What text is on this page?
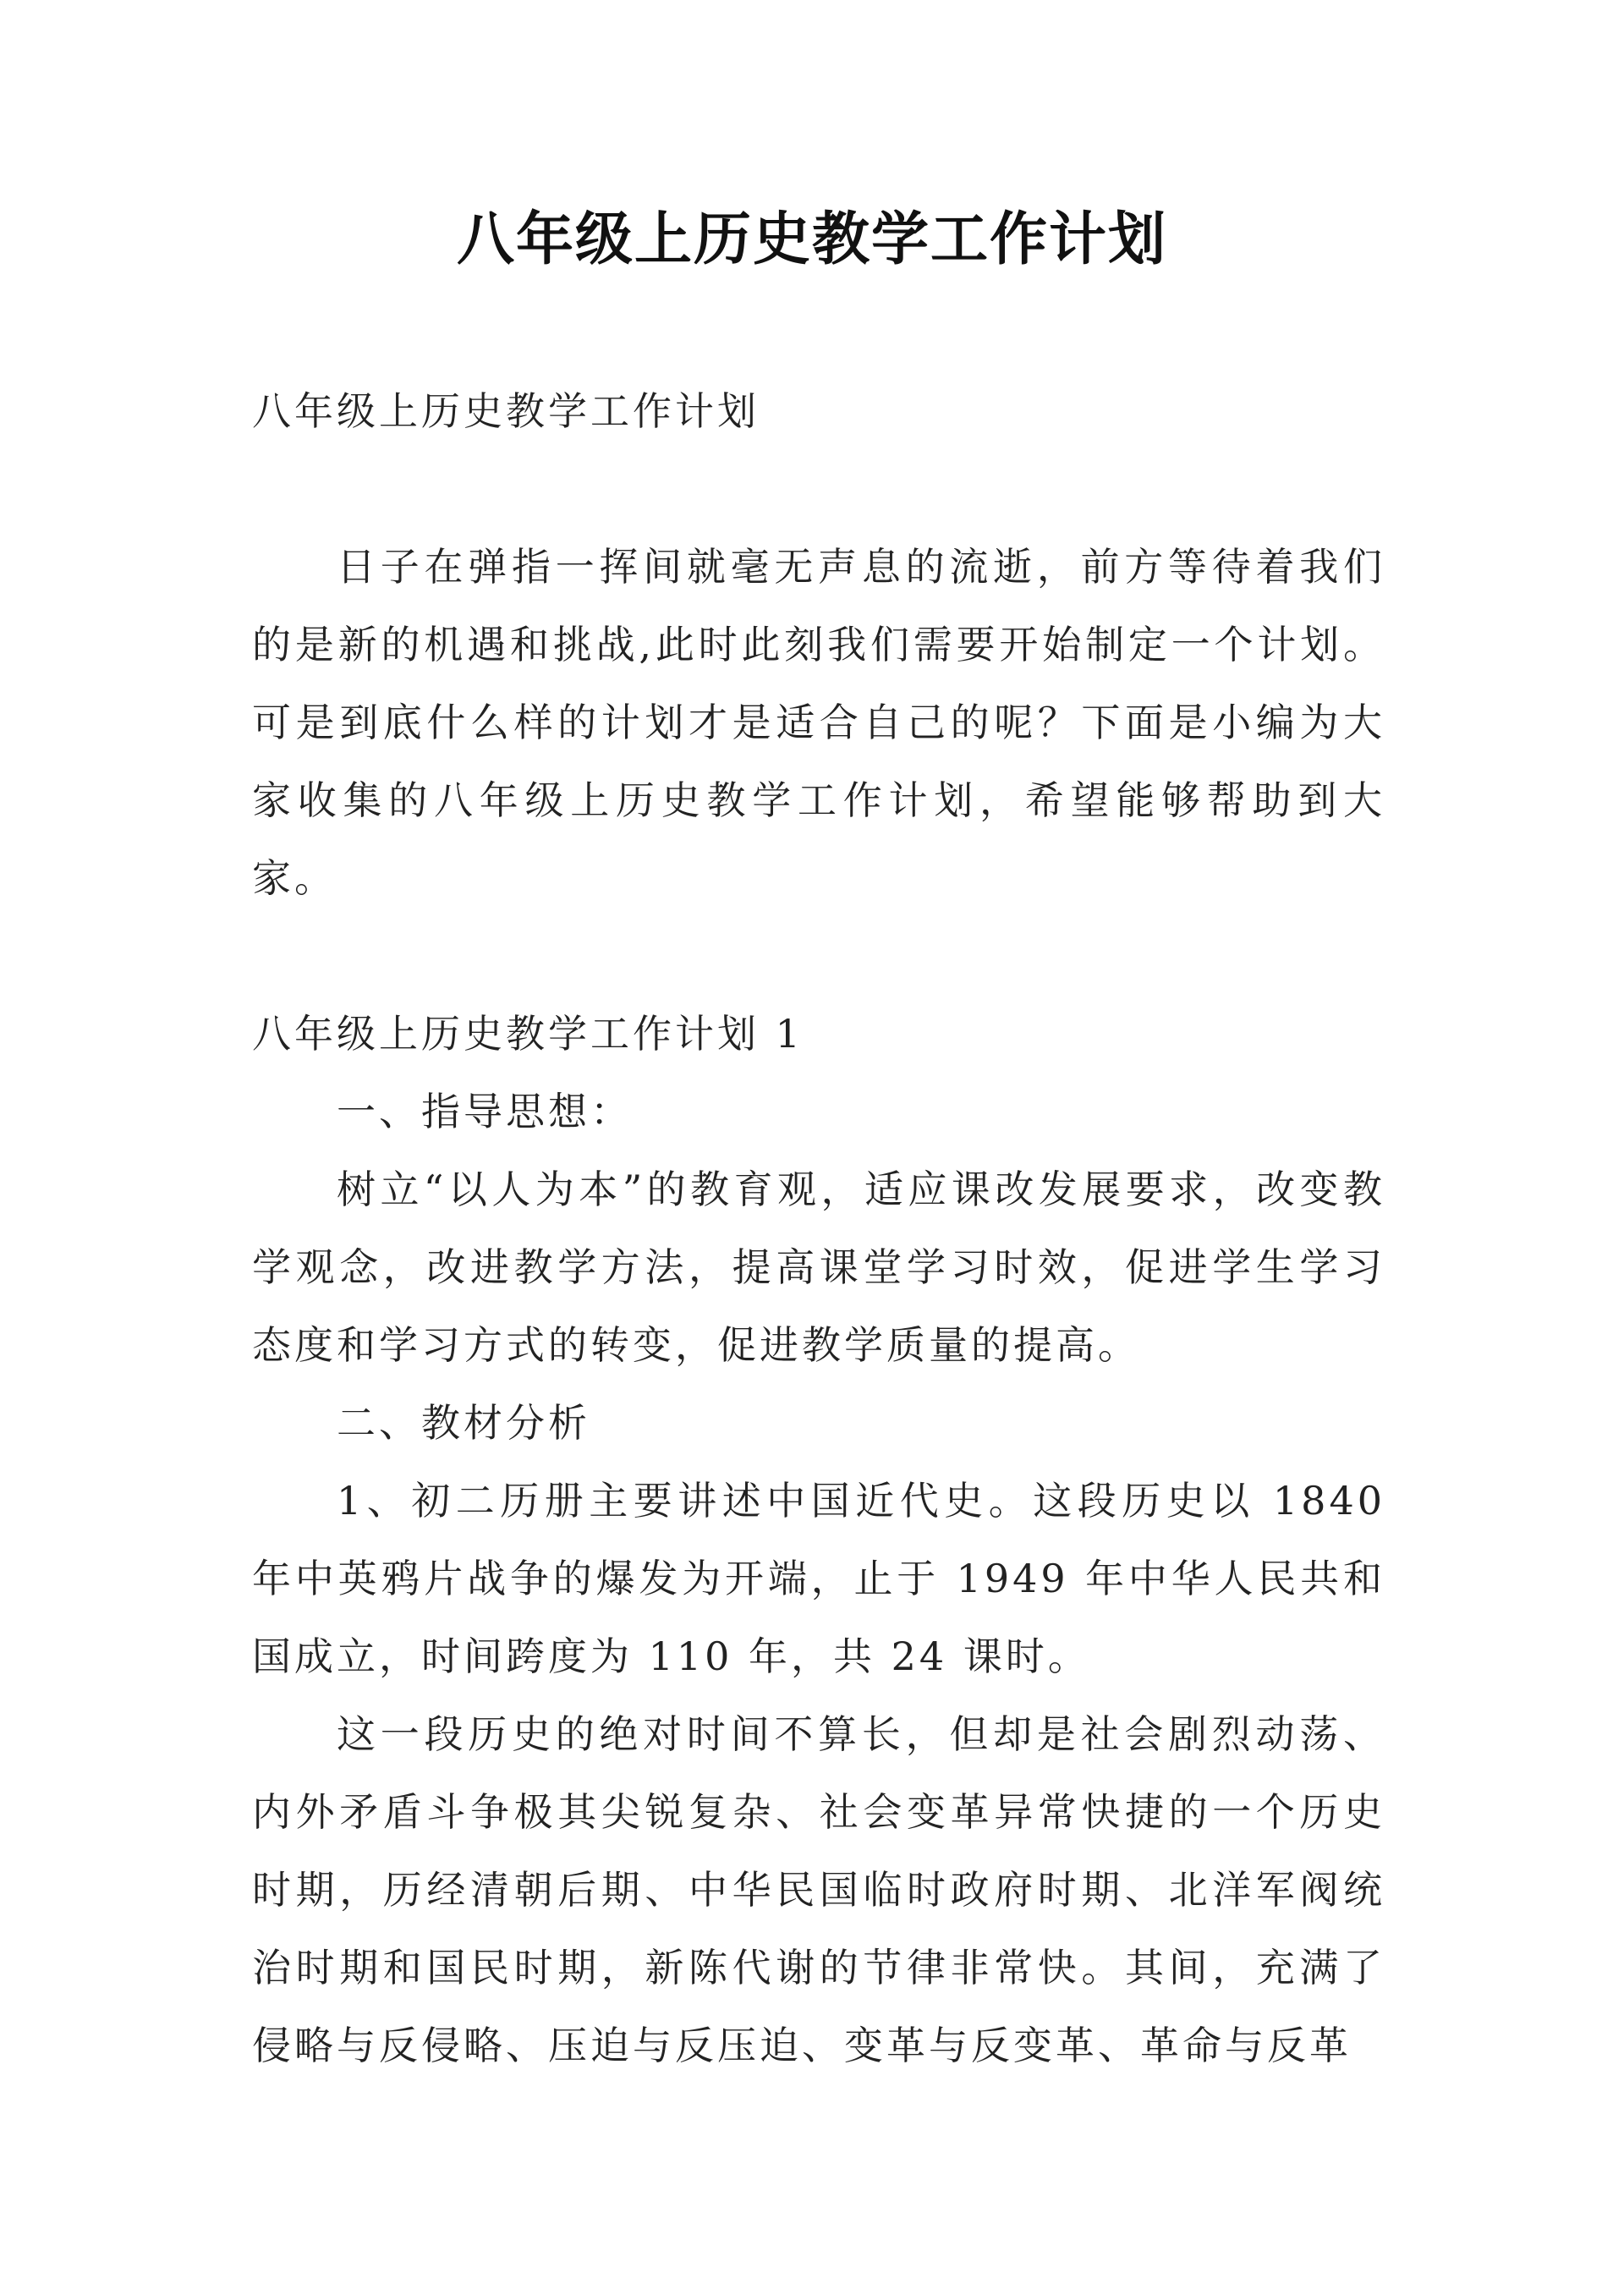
八年级上历史教学工作计划

八年级上历史教学工作计划

日子在弹指一挥间就毫无声息的流逝，前方等待着我们的是新的机遇和挑战,此时此刻我们需要开始制定一个计划。可是到底什么样的计划才是适合自己的呢？下面是小编为大家收集的八年级上历史教学工作计划，希望能够帮助到大家。

八年级上历史教学工作计划 1

一、指导思想：

树立“以人为本”的教育观，适应课改发展要求，改变教学观念，改进教学方法，提高课堂学习时效，促进学生学习态度和学习方式的转变，促进教学质量的提高。

二、教材分析

1、初二历册主要讲述中国近代史。这段历史以 1840 年中英鸦片战争的爆发为开端，止于 1949 年中华人民共和国成立，时间跨度为 110 年，共 24 课时。

这一段历史的绝对时间不算长，但却是社会剧烈动荡、内外矛盾斗争极其尖锐复杂、社会变革异常快捷的一个历史时期，历经清朝后期、中华民国临时政府时期、北洋军阀统治时期和国民时期，新陈代谢的节律非常快。其间，充满了侵略与反侵略、压迫与反压迫、变革与反变革、革命与反革
